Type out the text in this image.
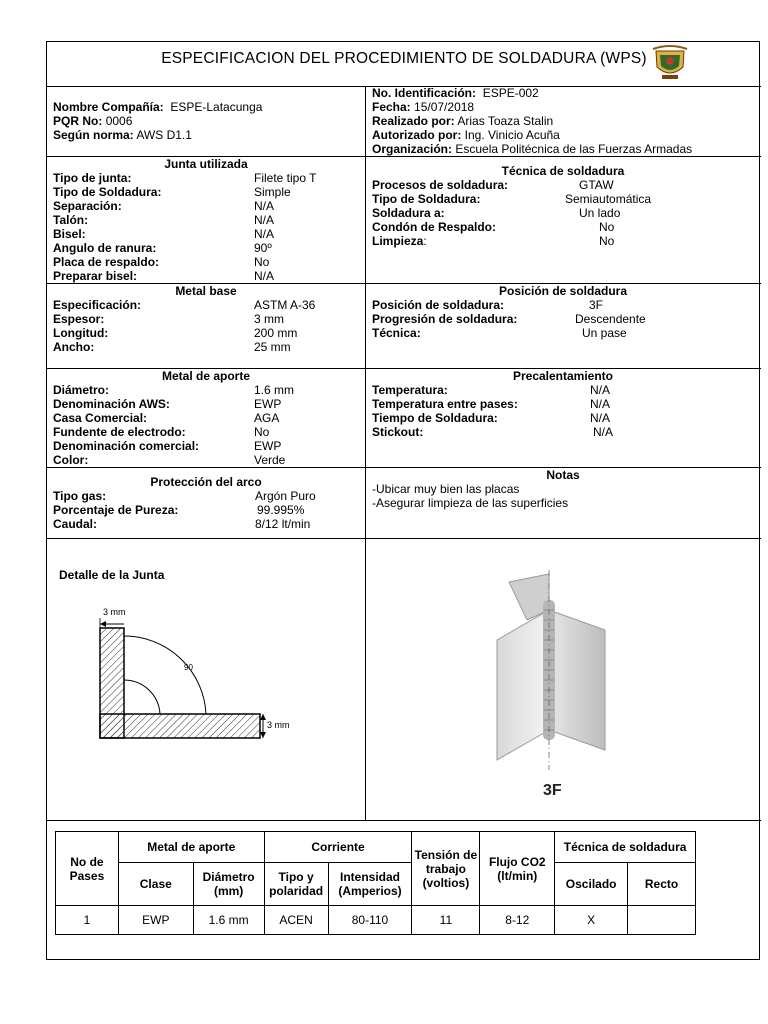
ESPECIFICACION DEL PROCEDIMIENTO DE SOLDADURA (WPS)
Nombre Compañía: ESPE-Latacunga
PQR No: 0006
Según norma: AWS D1.1
No. Identificación: ESPE-002
Fecha: 15/07/2018
Realizado por: Arias Toaza Stalin
Autorizado por: Ing. Vinicio Acuña
Organización: Escuela Politécnica de las Fuerzas Armadas
Junta utilizada
Tipo de junta:	Filete tipo T
Tipo de Soldadura:	Simple
Separación:	N/A
Talón:	N/A
Bisel:	N/A
Angulo de ranura:	90º
Placa de respaldo:	No
Preparar bisel:	N/A
Técnica de soldadura
Procesos de soldadura:	GTAW
Tipo de Soldadura:	Semiautomática
Soldadura a:	Un lado
Condón de Respaldo:	No
Limpieza:	No
Metal base
Especificación:	ASTM A-36
Espesor:	3 mm
Longitud:	200 mm
Ancho:	25 mm
Posición de soldadura
Posición de soldadura:	3F
Progresión de soldadura:	Descendente
Técnica:	Un pase
Metal de aporte
Diámetro:	1.6 mm
Denominación AWS:	EWP
Casa Comercial:	AGA
Fundente de electrodo:	No
Denominación comercial:	EWP
Color:	Verde
Precalentamiento
Temperatura:	N/A
Temperatura entre pases:	N/A
Tiempo de Soldadura:	N/A
Stickout:	N/A
Protección del arco
Tipo gas:	Argón Puro
Porcentaje de Pureza:	99.995%
Caudal:	8/12 lt/min
Notas
-Ubicar muy bien las placas
-Asegurar limpieza de las superficies
Detalle de la Junta
3 mm
90
3 mm
3F
No de Pases	Metal de aporte		Corriente		Tensión de trabajo (voltios)	Flujo CO2 (lt/min)	Técnica de soldadura	
	Clase	Diámetro (mm)	Tipo y polaridad	Intensidad (Amperios)			Oscilado	Recto
1	EWP	1.6 mm	ACEN	80-110	11	8-12	X	
